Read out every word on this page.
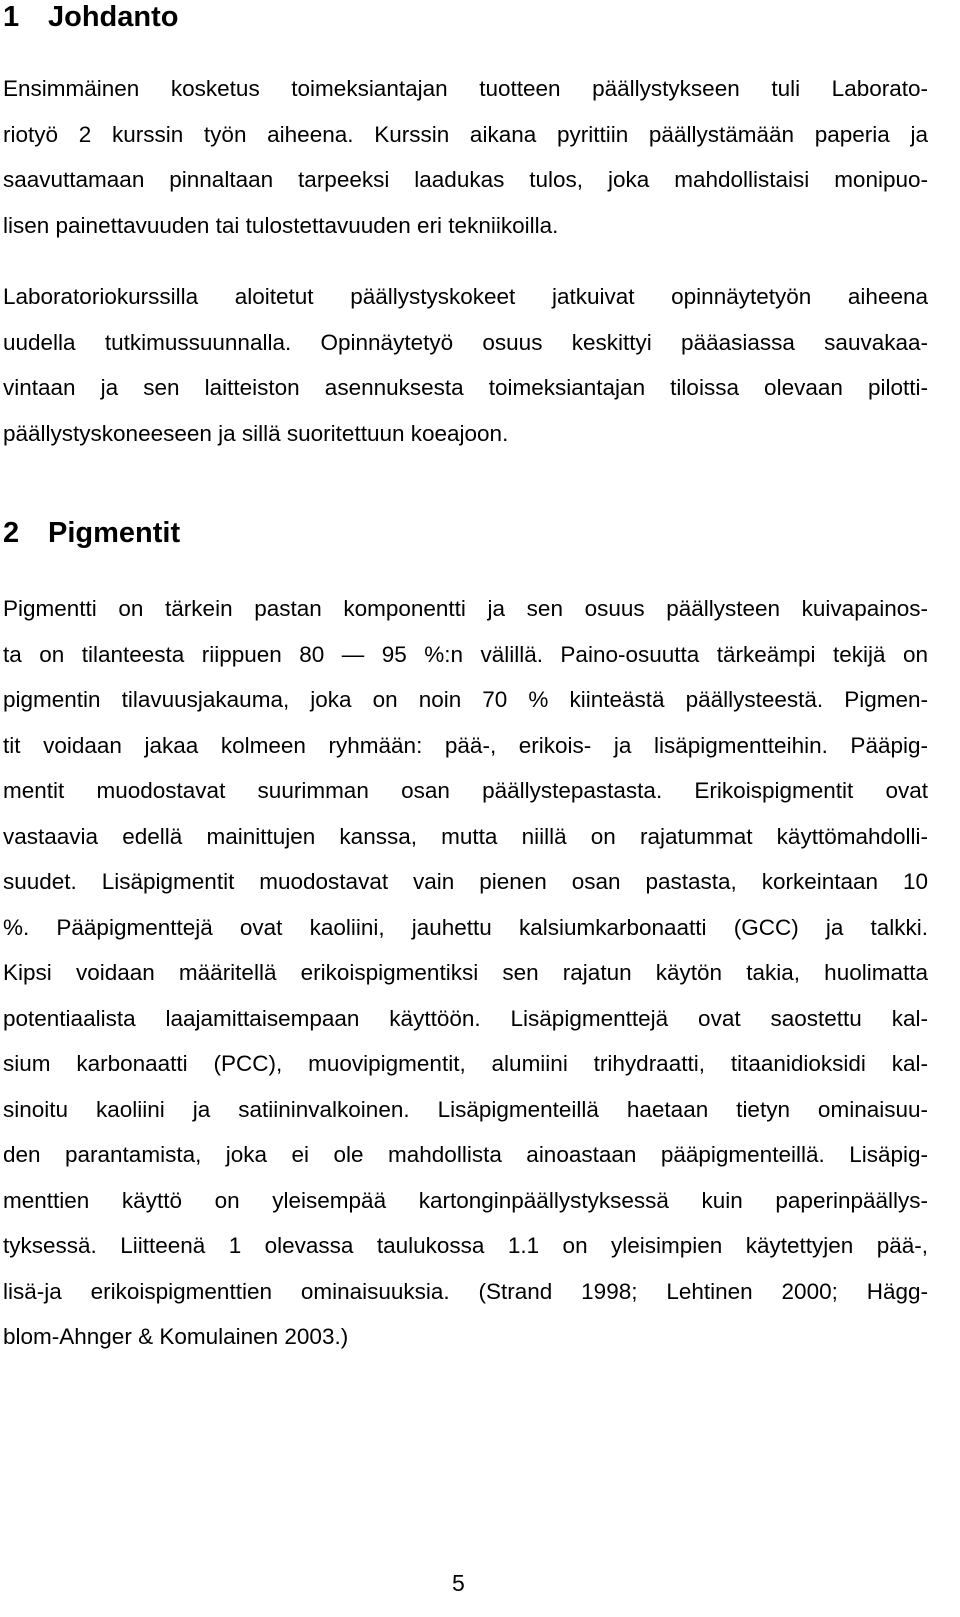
1 Johdanto

Ensimmäinen kosketus toimeksiantajan tuotteen päällystykseen tuli Laborato-
riotyö 2 kurssin työn aiheena. Kurssin aikana pyrittiin päällystämään paperia ja
saavuttamaan pinnaltaan tarpeeksi laadukas tulos, joka mahdollistaisi monipuo-
lisen painettavuuden tai tulostettavuuden eri tekniikoilla.

Laboratoriokurssilla aloitetut päällystyskokeet jatkuivat opinnäytetyön aiheena
uudella tutkimussuunnalla. Opinnäytetyö osuus keskittyi pääasiassa sauvakaa-
vintaan ja sen laitteiston asennuksesta toimeksiantajan tiloissa olevaan pilotti-
päällystyskoneeseen ja sillä suoritettuun koeajoon.

2 Pigmentit

Pigmentti on tärkein pastan komponentti ja sen osuus päällysteen kuivapainos-
ta on tilanteesta riippuen 80 — 95 %:n välillä. Paino-osuutta tärkeämpi tekijä on
pigmentin tilavuusjakauma, joka on noin 70 % kiinteästä päällysteestä. Pigmen-
tit voidaan jakaa kolmeen ryhmään: pää-, erikois- ja lisäpigmentteihin. Pääpig-
mentit muodostavat suurimman osan päällystepastasta. Erikoispigmentit ovat
vastaavia edellä mainittujen kanssa, mutta niillä on rajatummat käyttömahdolli-
suudet. Lisäpigmentit muodostavat vain pienen osan pastasta, korkeintaan 10
%. Pääpigmenttejä ovat kaoliini, jauhettu kalsiumkarbonaatti (GCC) ja talkki.
Kipsi voidaan määritellä erikoispigmentiksi sen rajatun käytön takia, huolimatta
potentiaalista laajamittaisempaan käyttöön. Lisäpigmenttejä ovat saostettu kal-
sium karbonaatti (PCC), muovipigmentit, alumiini trihydraatti, titaanidioksidi kal-
sinoitu kaoliini ja satiininvalkoinen. Lisäpigmenteillä haetaan tietyn ominaisuu-
den parantamista, joka ei ole mahdollista ainoastaan pääpigmenteillä. Lisäpig-
menttien käyttö on yleisempää kartonginpäällystyksessä kuin paperinpäällys-
tyksessä. Liitteenä 1 olevassa taulukossa 1.1 on yleisimpien käytettyjen pää-,
lisä-ja erikoispigmenttien ominaisuuksia. (Strand 1998; Lehtinen 2000; Hägg-
blom-Ahnger & Komulainen 2003.)

5
